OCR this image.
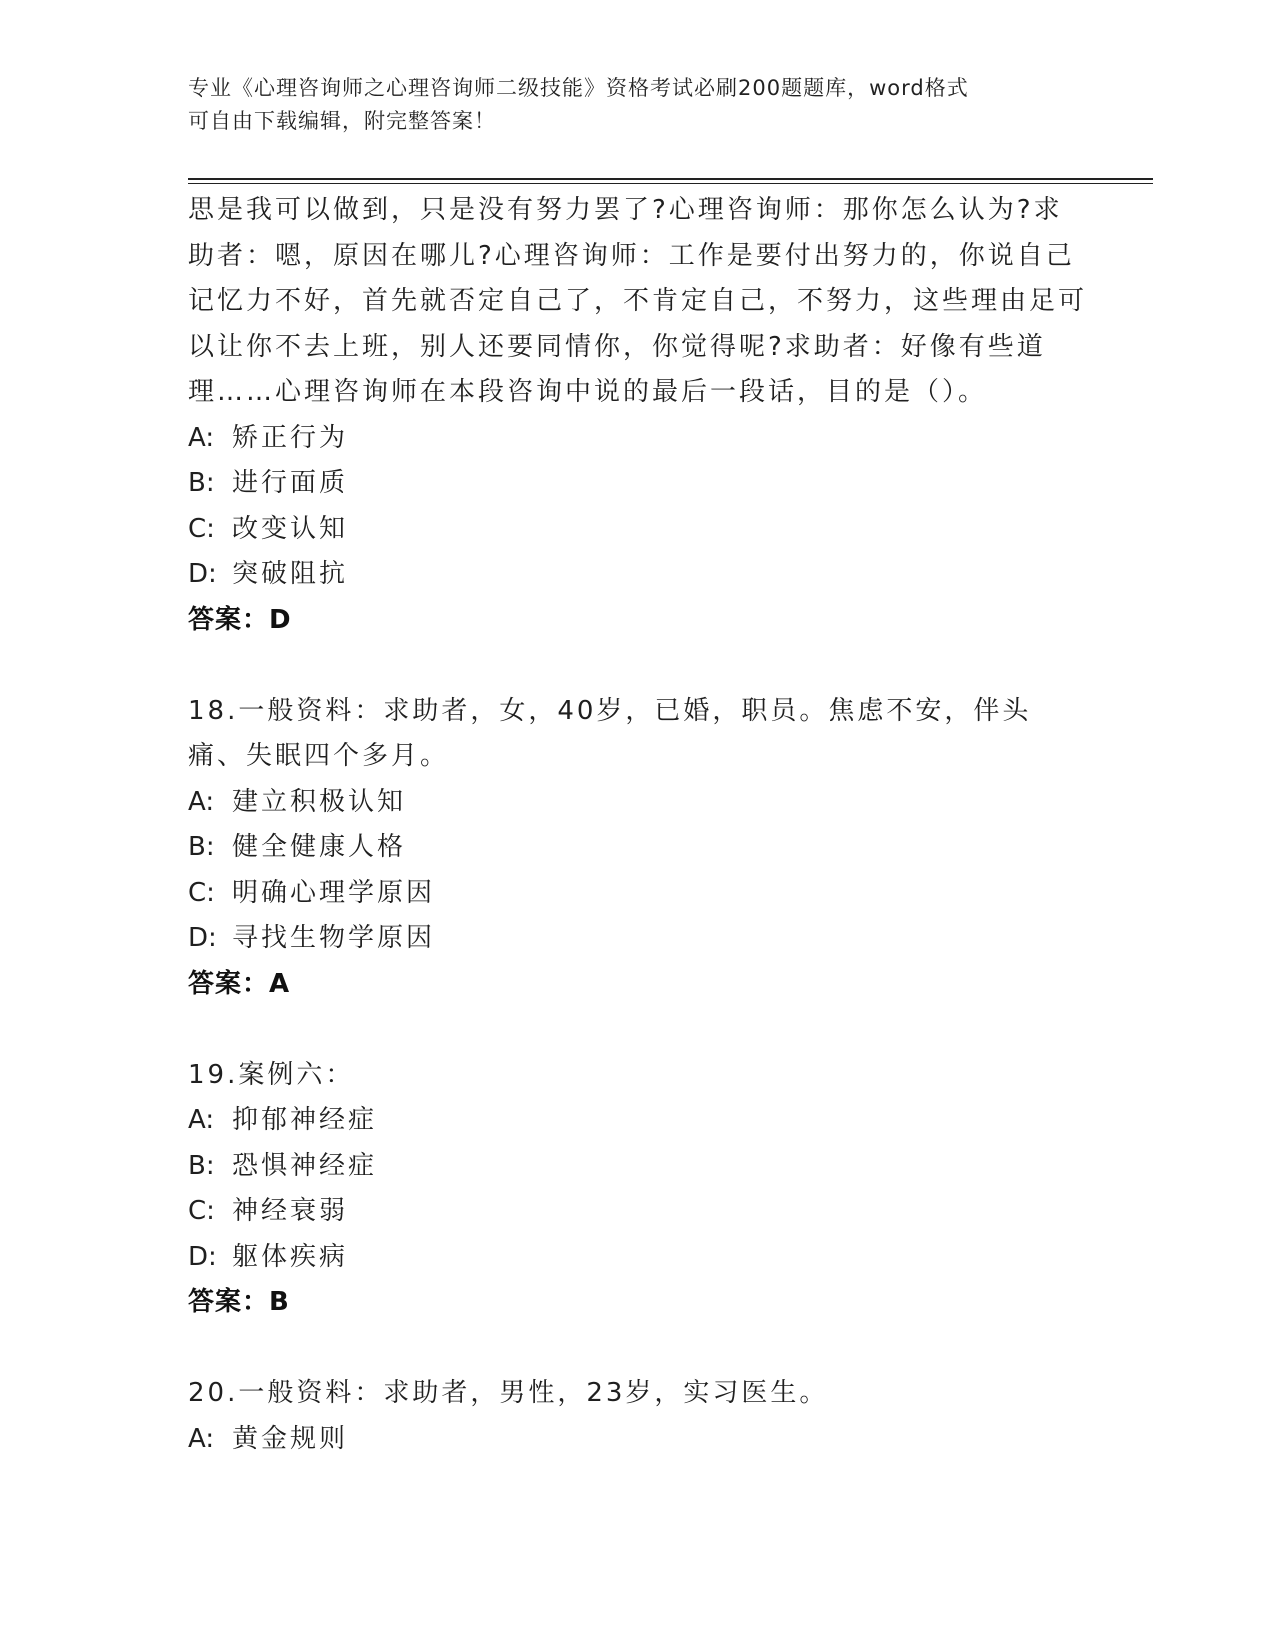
专业《心理咨询师之心理咨询师二级技能》资格考试必刷200题题库，word格式
可自由下载编辑，附完整答案！

思是我可以做到，只是没有努力罢了?心理咨询师：那你怎么认为?求助者：嗯，原因在哪儿?心理咨询师：工作是要付出努力的，你说自己记忆力不好，首先就否定自己了，不肯定自己，不努力，这些理由足可以让你不去上班，别人还要同情你，你觉得呢?求助者：好像有些道理……心理咨询师在本段咨询中说的最后一段话，目的是（）。

A: 矫正行为

B: 进行面质

C: 改变认知

D: 突破阻抗

答案：D

18.一般资料：求助者，女，40岁，已婚，职员。焦虑不安，伴头痛、失眠四个多月。

A: 建立积极认知

B: 健全健康人格

C: 明确心理学原因

D: 寻找生物学原因

答案：A

19.案例六：

A: 抑郁神经症

B: 恐惧神经症

C: 神经衰弱

D: 躯体疾病

答案：B

20.一般资料：求助者，男性，23岁，实习医生。

A: 黄金规则
